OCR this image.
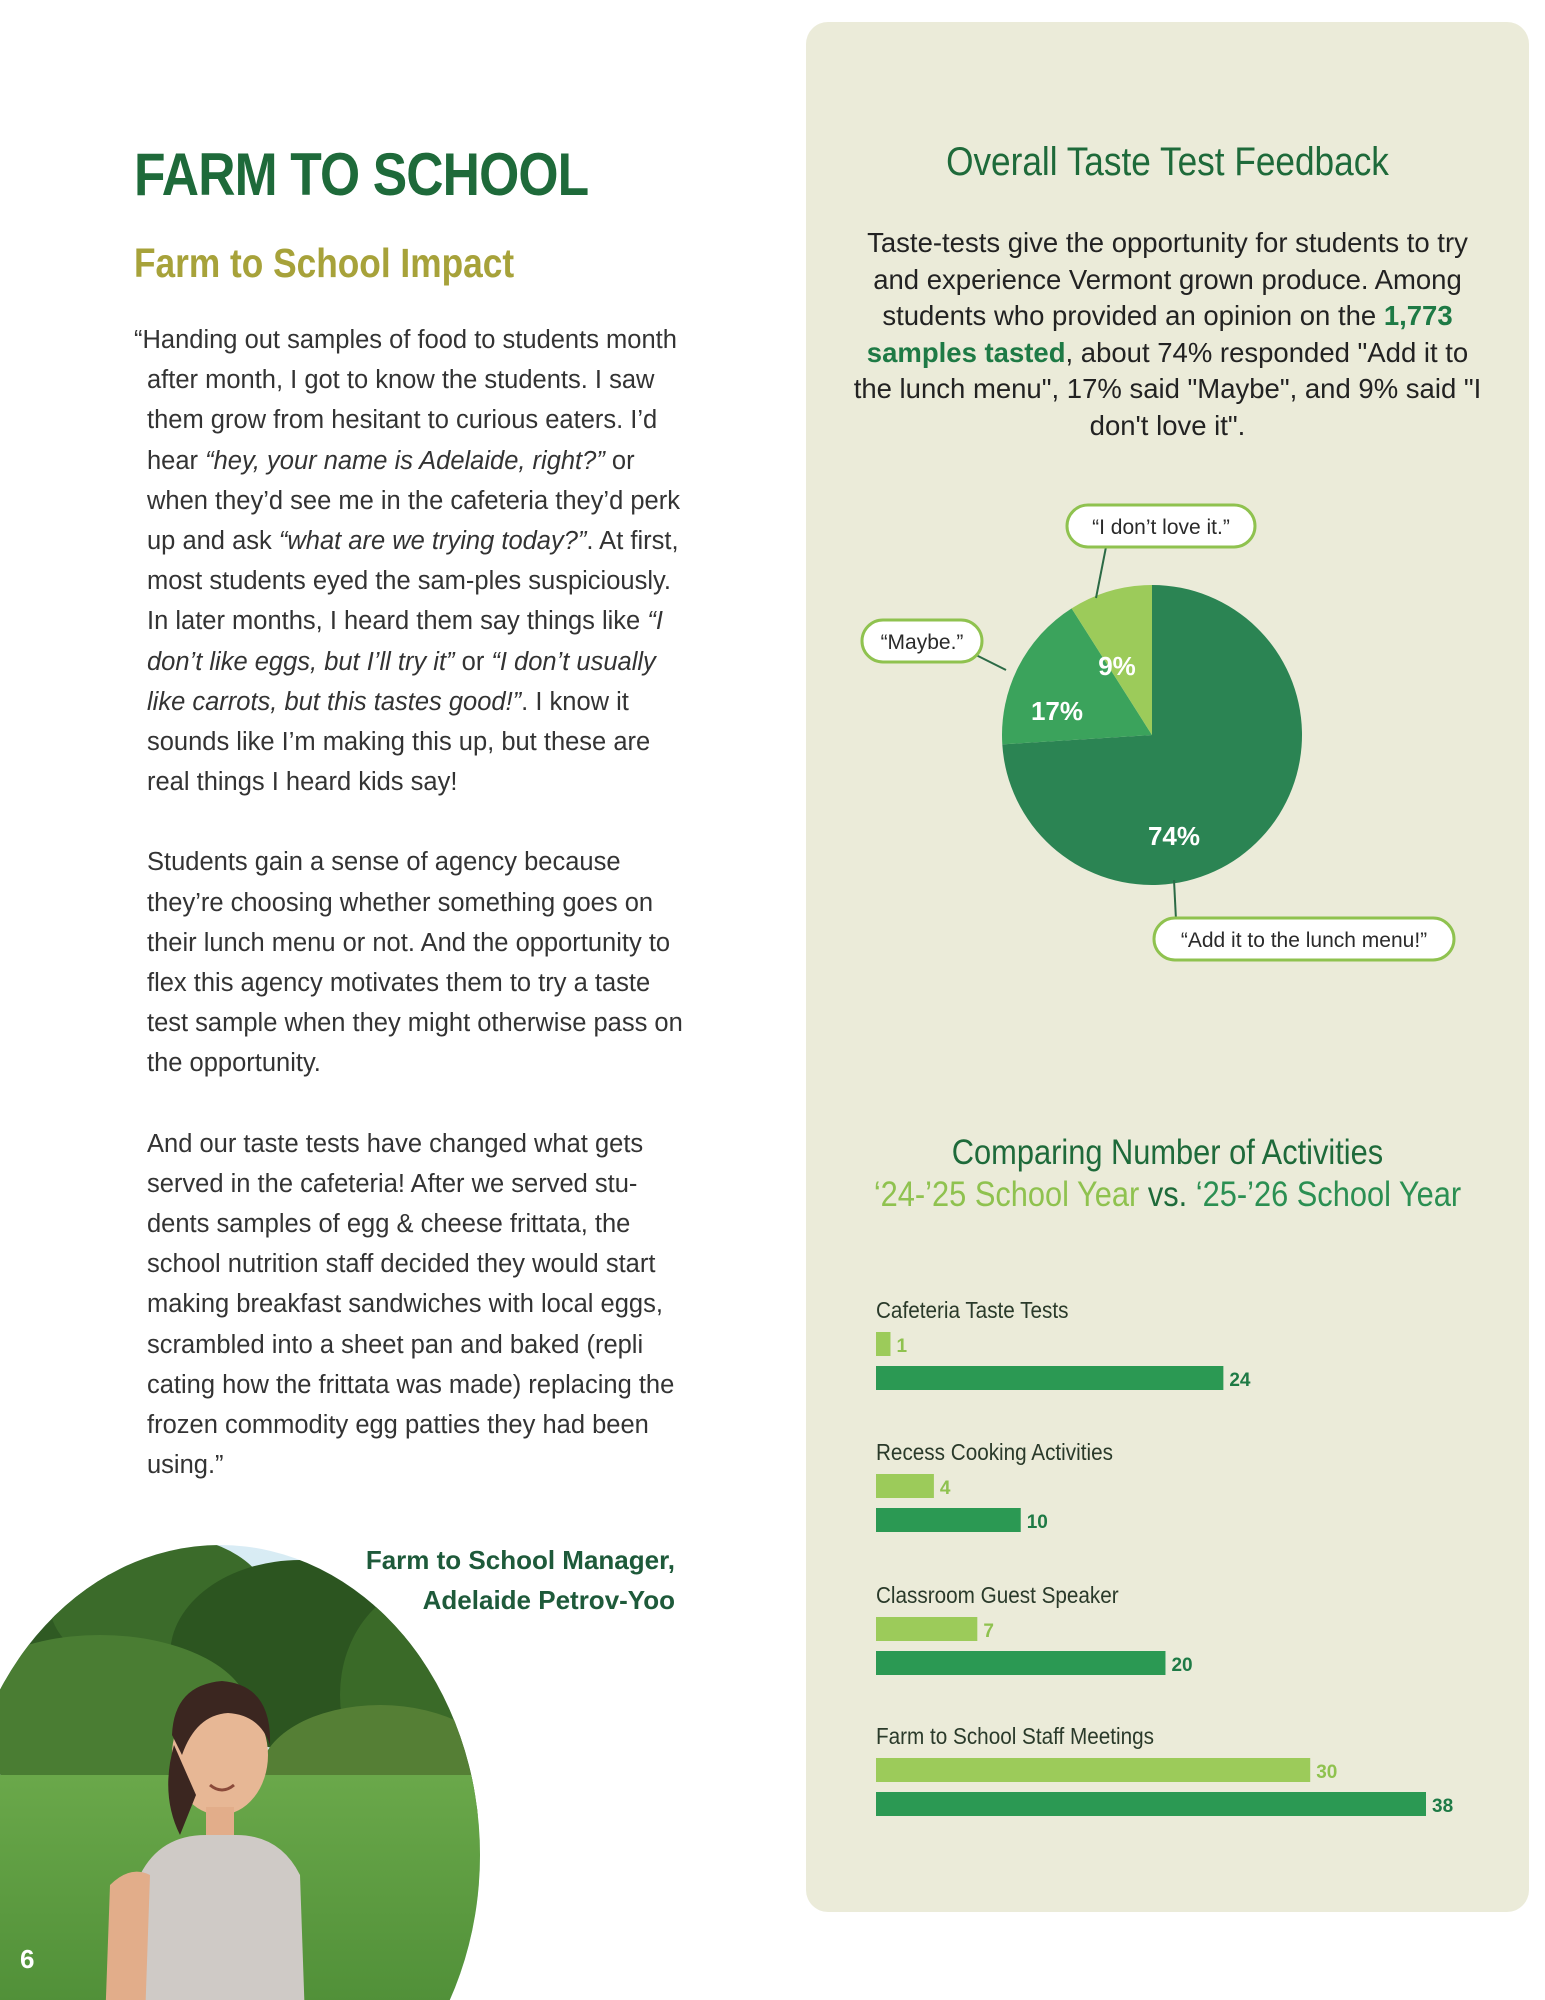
FARM TO SCHOOL
Farm to School Impact

“Handing out samples of food to students month after month, I got to know the students. I saw them grow from hesitant to curious eaters. I’d hear “hey, your name is Adelaide, right?” or when they’d see me in the cafeteria they’d perk up and ask “what are we trying today?”. At first, most students eyed the sam-ples suspiciously. In later months, I heard them say things like “I don’t like eggs, but I’ll try it” or “I don’t usually like carrots, but this tastes good!”. I know it sounds like I’m making this up, but these are real things I heard kids say!

Students gain a sense of agency because they’re choosing whether something goes on their lunch menu or not. And the opportunity to flex this agency motivates them to try a taste test sample when they might otherwise pass on the opportunity.

And our taste tests have changed what gets served in the cafeteria! After we served stu-dents samples of egg & cheese frittata, the school nutrition staff decided they would start making breakfast sandwiches with local eggs, scrambled into a sheet pan and baked (repli cating how the frittata was made) replacing the frozen commodity egg patties they had been using.”

Farm to School Manager,
Adelaide Petrov-Yoo
6
Overall Taste Test Feedback
Taste-tests give the opportunity for students to try and experience Vermont grown produce. Among students who provided an opinion on the 1,773 samples tasted, about 74% responded "Add it to the lunch menu", 17% said "Maybe", and 9% said "I don't love it".
74%
17%
9%
“Add it to the lunch menu!”
“Maybe.”
“I don’t love it.”
Comparing Number of Activities
‘24-’25 School Year vs. ‘25-’26 School Year
Cafeteria Taste Tests
1
24
Recess Cooking Activities
4
10
Classroom Guest Speaker
7
20
Farm to School Staff Meetings
30
38
